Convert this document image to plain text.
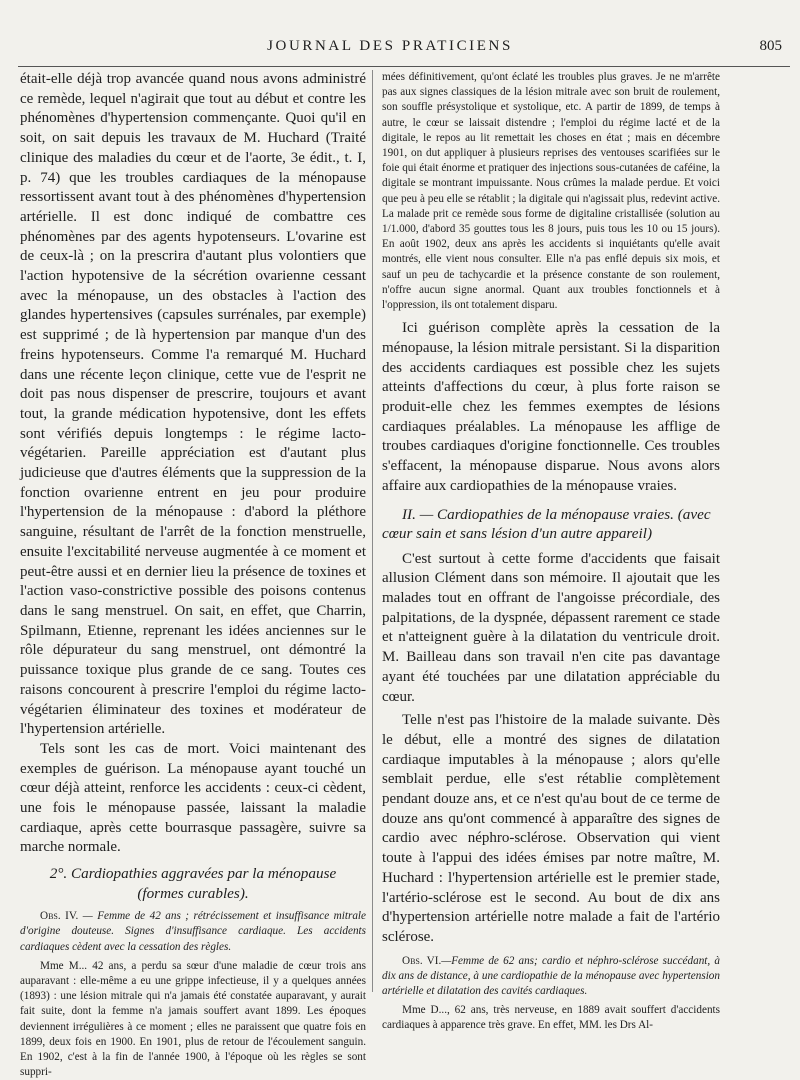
JOURNAL DES PRATICIENS	805

était-elle déjà trop avancée quand nous avons administré ce remède, lequel n'agirait que tout au début et contre les phénomènes d'hypertension commençante. Quoi qu'il en soit, on sait depuis les travaux de M. Huchard (Traité clinique des maladies du cœur et de l'aorte, 3e édit., t. I, p. 74) que les troubles cardiaques de la ménopause ressortissent avant tout à des phénomènes d'hypertension artérielle. Il est donc indiqué de combattre ces phénomènes par des agents hypotenseurs. L'ovarine est de ceux-là ; on la prescrira d'autant plus volontiers que l'action hypotensive de la sécrétion ovarienne cessant avec la ménopause, un des obstacles à l'action des glandes hypertensives (capsules surrénales, par exemple) est supprimé ; de là hypertension par manque d'un des freins hypotenseurs. Comme l'a remarqué M. Huchard dans une récente leçon clinique, cette vue de l'esprit ne doit pas nous dispenser de prescrire, toujours et avant tout, la grande médication hypotensive, dont les effets sont vérifiés depuis longtemps : le régime lacto-végétarien. Pareille appréciation est d'autant plus judicieuse que d'autres éléments que la suppression de la fonction ovarienne entrent en jeu pour produire l'hypertension de la ménopause : d'abord la pléthore sanguine, résultant de l'arrêt de la fonction menstruelle, ensuite l'excitabilité nerveuse augmentée à ce moment et peut-être aussi et en dernier lieu la présence de toxines et l'action vaso-constrictive possible des poisons contenus dans le sang menstruel. On sait, en effet, que Charrin, Spilmann, Etienne, reprenant les idées anciennes sur le rôle dépurateur du sang menstruel, ont démontré la puissance toxique plus grande de ce sang. Toutes ces raisons concourent à prescrire l'emploi du régime lacto-végétarien éliminateur des toxines et modérateur de l'hypertension artérielle.

Tels sont les cas de mort. Voici maintenant des exemples de guérison. La ménopause ayant touché un cœur déjà atteint, renforce les accidents : ceux-ci cèdent, une fois le ménopause passée, laissant la maladie cardiaque, après cette bourrasque passagère, suivre sa marche normale.

2°. Cardiopathies aggravées par la ménopause (formes curables).

Obs. IV. — Femme de 42 ans ; rétrécissement et insuffisance mitrale d'origine douteuse. Signes d'insuffisance cardiaque. Les accidents cardiaques cèdent avec la cessation des règles.

Mme M... 42 ans, a perdu sa sœur d'une maladie de cœur trois ans auparavant : elle-même a eu une grippe infectieuse, il y a quelques années (1893) : une lésion mitrale qui n'a jamais été constatée auparavant, y aurait fait suite, dont la femme n'a jamais souffert avant 1899. Les époques deviennent irrégulières à ce moment ; elles ne paraissent que quatre fois en 1899, deux fois en 1900. En 1901, plus de retour de l'écoulement sanguin. En 1902, c'est à la fin de l'année 1900, à l'époque où les règles se sont suppri-

mées définitivement, qu'ont éclaté les troubles plus graves. Je ne m'arrête pas aux signes classiques de la lésion mitrale avec son bruit de roulement, son souffle présystolique et systolique, etc. A partir de 1899, de temps à autre, le cœur se laissait distendre ; l'emploi du régime lacté et de la digitale, le repos au lit remettait les choses en état ; mais en décembre 1901, on dut appliquer à plusieurs reprises des ventouses scarifiées sur le foie qui était énorme et pratiquer des injections sous-cutanées de caféine, la digitale se montrant impuissante. Nous crûmes la malade perdue. Et voici que peu à peu elle se rétablit ; la digitale qui n'agissait plus, redevint active. La malade prit ce remède sous forme de digitaline cristallisée (solution au 1/1.000, d'abord 35 gouttes tous les 8 jours, puis tous les 10 ou 15 jours). En août 1902, deux ans après les accidents si inquiétants qu'elle avait montrés, elle vient nous consulter. Elle n'a pas enflé depuis six mois, et sauf un peu de tachycardie et la présence constante de son roulement, n'offre aucun signe anormal. Quant aux troubles fonctionnels et à l'oppression, ils ont totalement disparu.

Ici guérison complète après la cessation de la ménopause, la lésion mitrale persistant. Si la disparition des accidents cardiaques est possible chez les sujets atteints d'affections du cœur, à plus forte raison se produit-elle chez les femmes exemptes de lésions cardiaques préalables. La ménopause les afflige de troubes cardiaques d'origine fonctionnelle. Ces troubles s'effacent, la ménopause disparue. Nous avons alors affaire aux cardiopathies de la ménopause vraies.

II. — Cardiopathies de la ménopause vraies. (avec cœur sain et sans lésion d'un autre appareil)

C'est surtout à cette forme d'accidents que faisait allusion Clément dans son mémoire. Il ajoutait que les malades tout en offrant de l'angoisse précordiale, des palpitations, de la dyspnée, dépassent rarement ce stade et n'atteignent guère à la dilatation du ventricule droit. M. Bailleau dans son travail n'en cite pas davantage ayant été touchées par une dilatation appréciable du cœur.

Telle n'est pas l'histoire de la malade suivante. Dès le début, elle a montré des signes de dilatation cardiaque imputables à la ménopause ; alors qu'elle semblait perdue, elle s'est rétablie complètement pendant douze ans, et ce n'est qu'au bout de ce terme de douze ans qu'ont commencé à apparaître des signes de cardio avec néphro-sclérose. Observation qui vient toute à l'appui des idées émises par notre maître, M. Huchard : l'hypertension artérielle est le premier stade, l'artério-sclérose est le second. Au bout de dix ans d'hypertension artérielle notre malade a fait de l'artério sclérose.

Obs. VI.—Femme de 62 ans; cardio et néphro-sclérose succédant, à dix ans de distance, à une cardiopathie de la ménopause avec hypertension artérielle et dilatation des cavités cardiaques.

Mme D..., 62 ans, très nerveuse, en 1889 avait souffert d'accidents cardiaques à apparence très grave. En effet, MM. les Drs Al-
